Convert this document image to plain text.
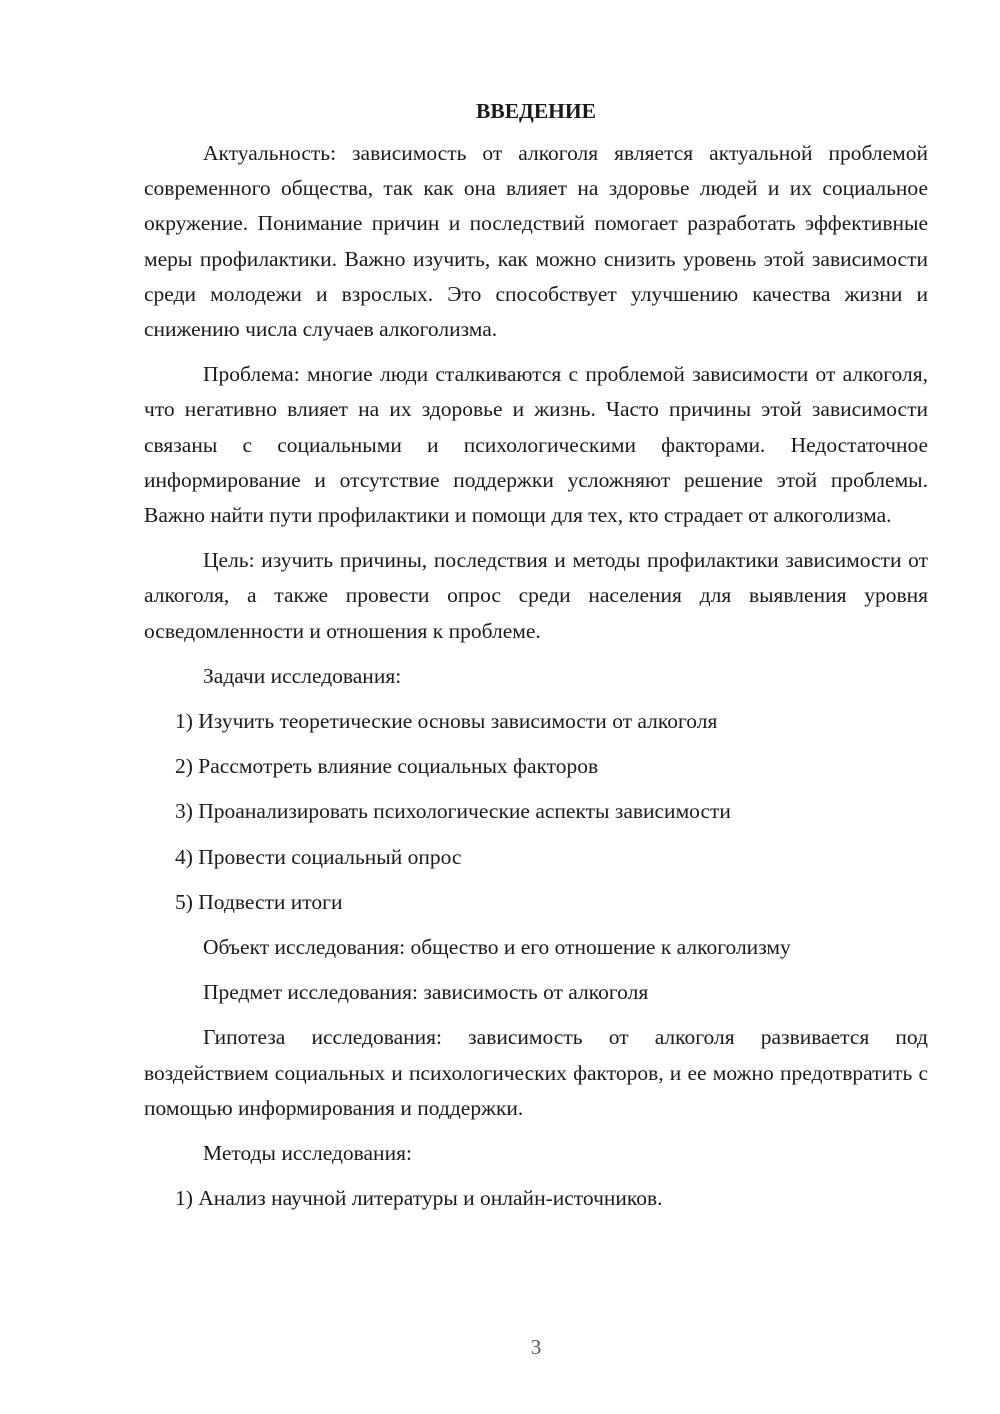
ВВЕДЕНИЕ

Актуальность: зависимость от алкоголя является актуальной проблемой современного общества, так как она влияет на здоровье людей и их социальное окружение. Понимание причин и последствий помогает разработать эффективные меры профилактики. Важно изучить, как можно снизить уровень этой зависимости среди молодежи и взрослых. Это способствует улучшению качества жизни и снижению числа случаев алкоголизма.

Проблема: многие люди сталкиваются с проблемой зависимости от алкоголя, что негативно влияет на их здоровье и жизнь. Часто причины этой зависимости связаны с социальными и психологическими факторами. Недостаточное информирование и отсутствие поддержки усложняют решение этой проблемы. Важно найти пути профилактики и помощи для тех, кто страдает от алкоголизма.

Цель: изучить причины, последствия и методы профилактики зависимости от алкоголя, а также провести опрос среди населения для выявления уровня осведомленности и отношения к проблеме.

Задачи исследования:
1) Изучить теоретические основы зависимости от алкоголя
2) Рассмотреть влияние социальных факторов
3) Проанализировать психологические аспекты зависимости
4) Провести социальный опрос
5) Подвести итоги
Объект исследования: общество и его отношение к алкоголизму
Предмет исследования: зависимость от алкоголя

Гипотеза исследования: зависимость от алкоголя развивается под воздействием социальных и психологических факторов, и ее можно предотвратить с помощью информирования и поддержки.

Методы исследования:
1) Анализ научной литературы и онлайн-источников.
3
